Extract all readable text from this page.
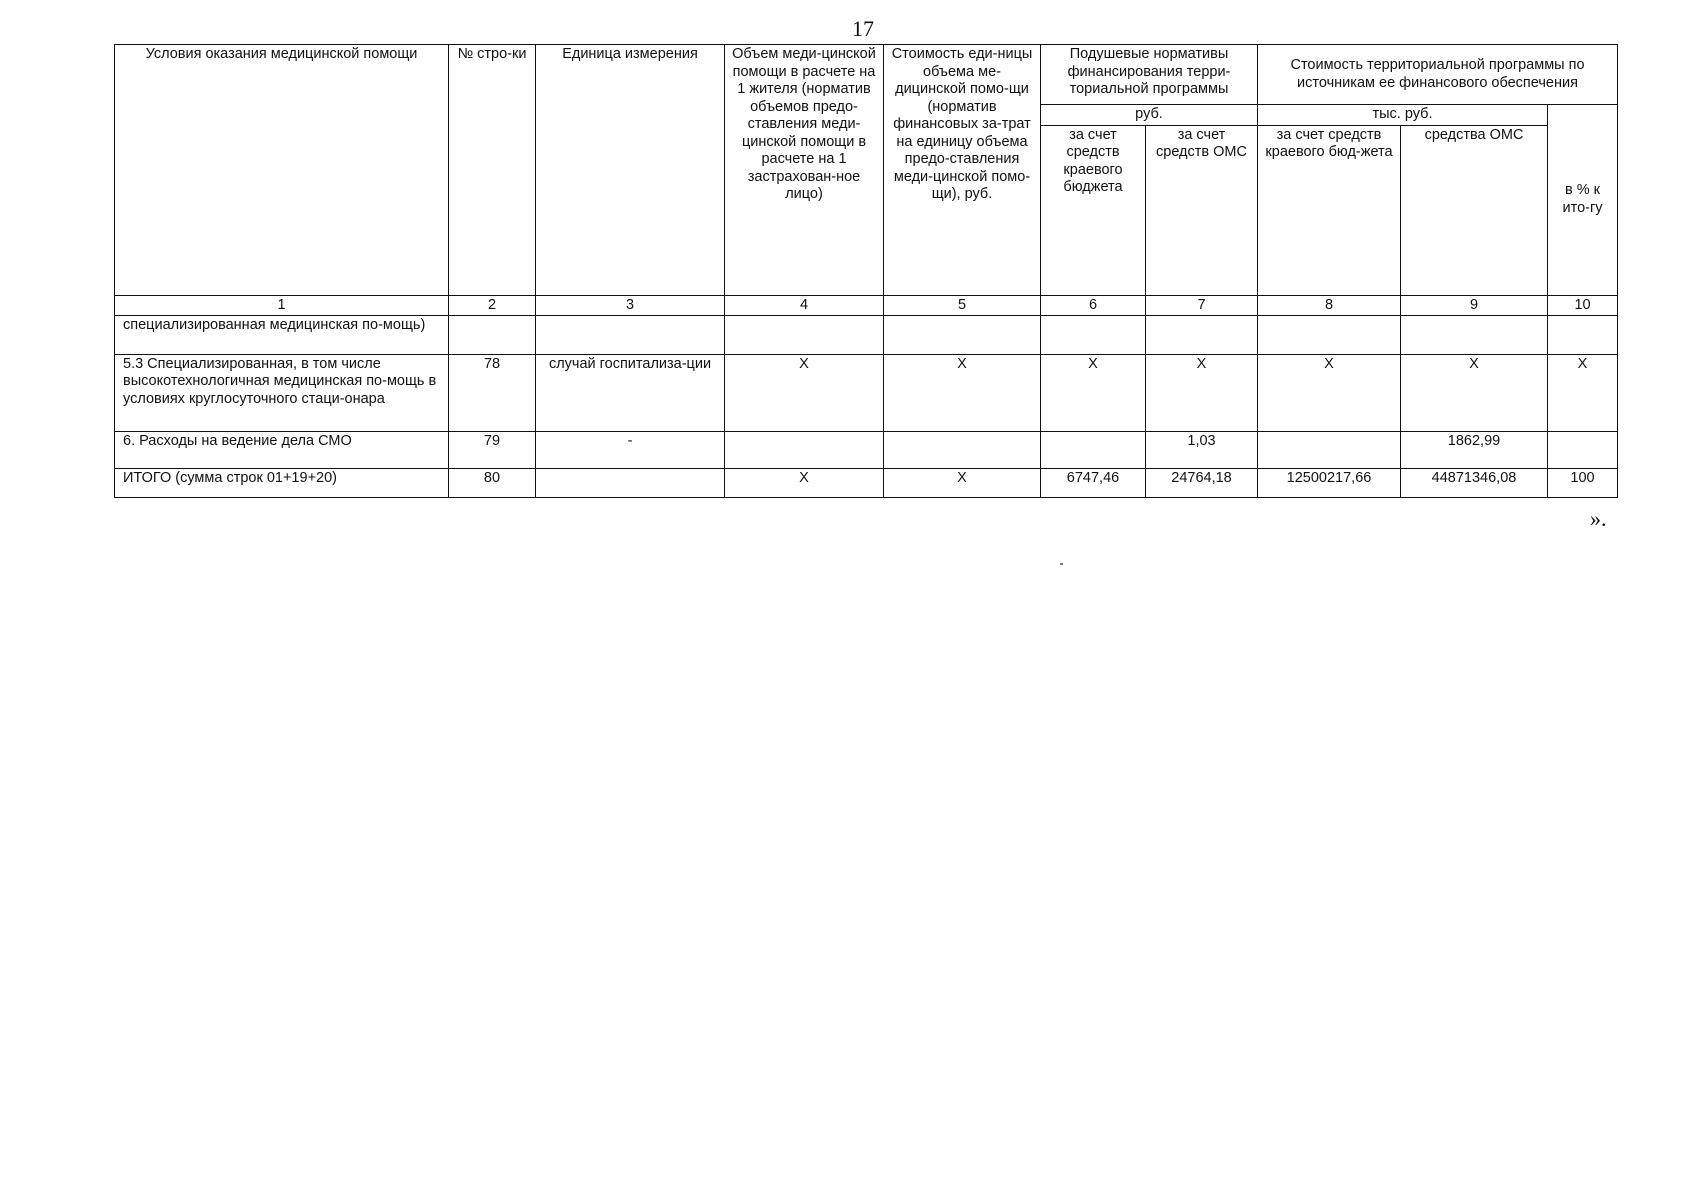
17
Условия оказания медицинской помощи	№ стро-ки	Единица измерения	Объем меди-цинской помощи в расчете на 1 жителя (норматив объемов предо-ставления меди-цинской помощи в расчете на 1 застрахован-ное лицо)	Стоимость еди-ницы объема ме-дицинской помо-щи (норматив финансовых за-трат на единицу объема предо-ставления меди-цинской помо-щи), руб.	Подушевые нормативы финансирования терри-ториальной программы		Стоимость территориальной программы по источникам ее финансового обеспечения		
					руб.		тыс. руб.		в % к ито-гу
					за счет средств краевого бюджета	за счет средств ОМС	за счет средств краевого бюд-жета	средства ОМС	
1	2	3	4	5	6	7	8	9	10
специализированная медицинская по-мощь)									
5.3 Специализированная, в том числе высокотехнологичная медицинская по-мощь в условиях круглосуточного стаци-онара	78	случай госпитализа-ции	X	X	X	X	X	X	X
6. Расходы на ведение дела СМО	79	-				1,03		1862,99	
ИТОГО (сумма строк 01+19+20)	80		X	X	6747,46	24764,18	12500217,66	44871346,08	100
».
